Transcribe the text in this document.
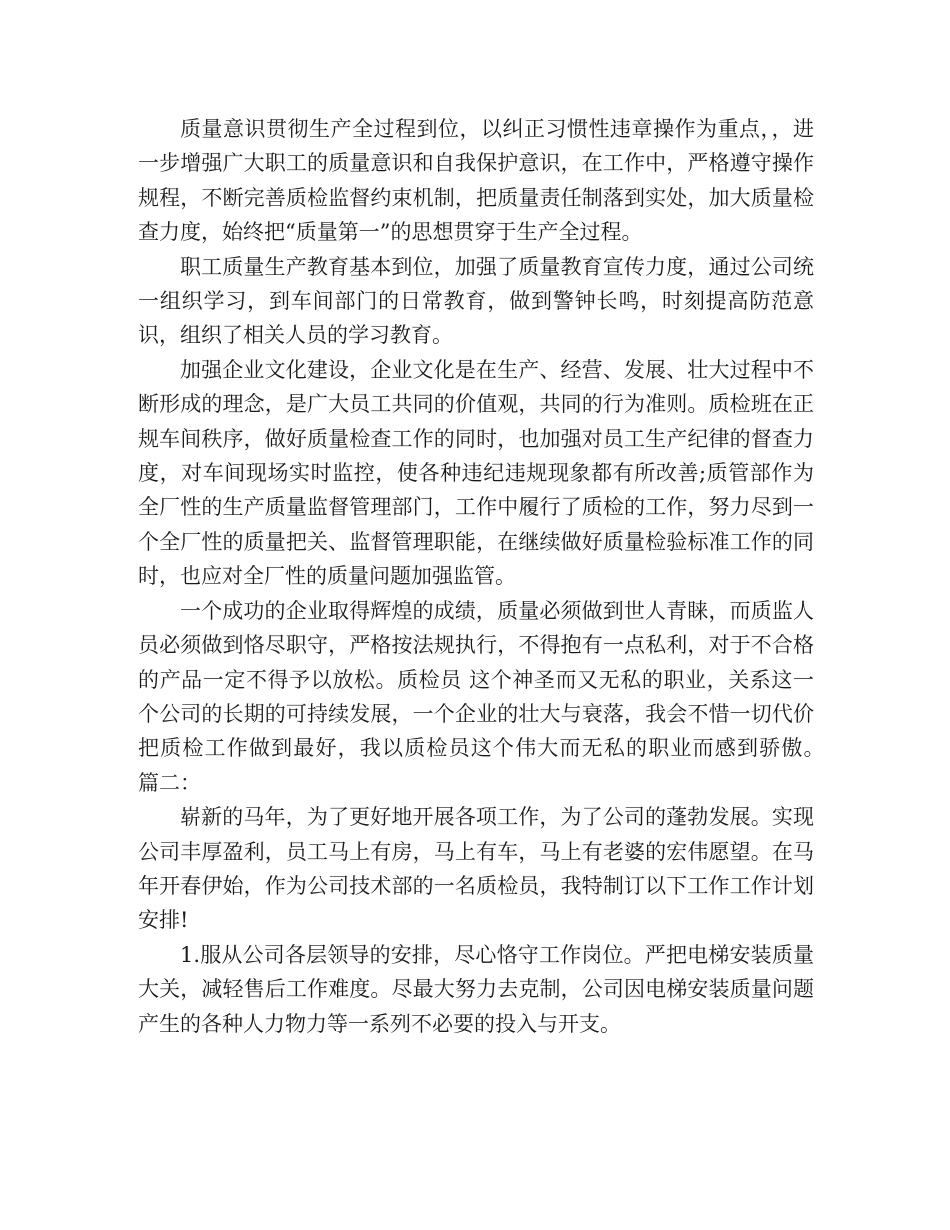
质量意识贯彻生产全过程到位，以纠正习惯性违章操作为重点，，进一步增强广大职工的质量意识和自我保护意识，在工作中，严格遵守操作规程，不断完善质检监督约束机制，把质量责任制落到实处，加大质量检查力度，始终把“质量第一”的思想贯穿于生产全过程。

职工质量生产教育基本到位，加强了质量教育宣传力度，通过公司统一组织学习，到车间部门的日常教育，做到警钟长鸣，时刻提高防范意识，组织了相关人员的学习教育。

加强企业文化建设，企业文化是在生产、经营、发展、壮大过程中不断形成的理念，是广大员工共同的价值观，共同的行为准则。质检班在正规车间秩序，做好质量检查工作的同时，也加强对员工生产纪律的督查力度，对车间现场实时监控，使各种违纪违规现象都有所改善;质管部作为全厂性的生产质量监督管理部门，工作中履行了质检的工作，努力尽到一个全厂性的质量把关、监督管理职能，在继续做好质量检验标准工作的同时，也应对全厂性的质量问题加强监管。

一个成功的企业取得辉煌的成绩，质量必须做到世人青睐，而质监人员必须做到恪尽职守，严格按法规执行，不得抱有一点私利，对于不合格的产品一定不得予以放松。质检员 这个神圣而又无私的职业，关系这一个公司的长期的可持续发展，一个企业的壮大与衰落，我会不惜一切代价把质检工作做到最好，我以质检员这个伟大而无私的职业而感到骄傲。　　篇二：

崭新的马年，为了更好地开展各项工作，为了公司的蓬勃发展。实现公司丰厚盈利，员工马上有房，马上有车，马上有老婆的宏伟愿望。在马年开春伊始，作为公司技术部的一名质检员，我特制订以下工作工作计划安排!

1.服从公司各层领导的安排，尽心恪守工作岗位。严把电梯安装质量大关，减轻售后工作难度。尽最大努力去克制，公司因电梯安装质量问题产生的各种人力物力等一系列不必要的投入与开支。
